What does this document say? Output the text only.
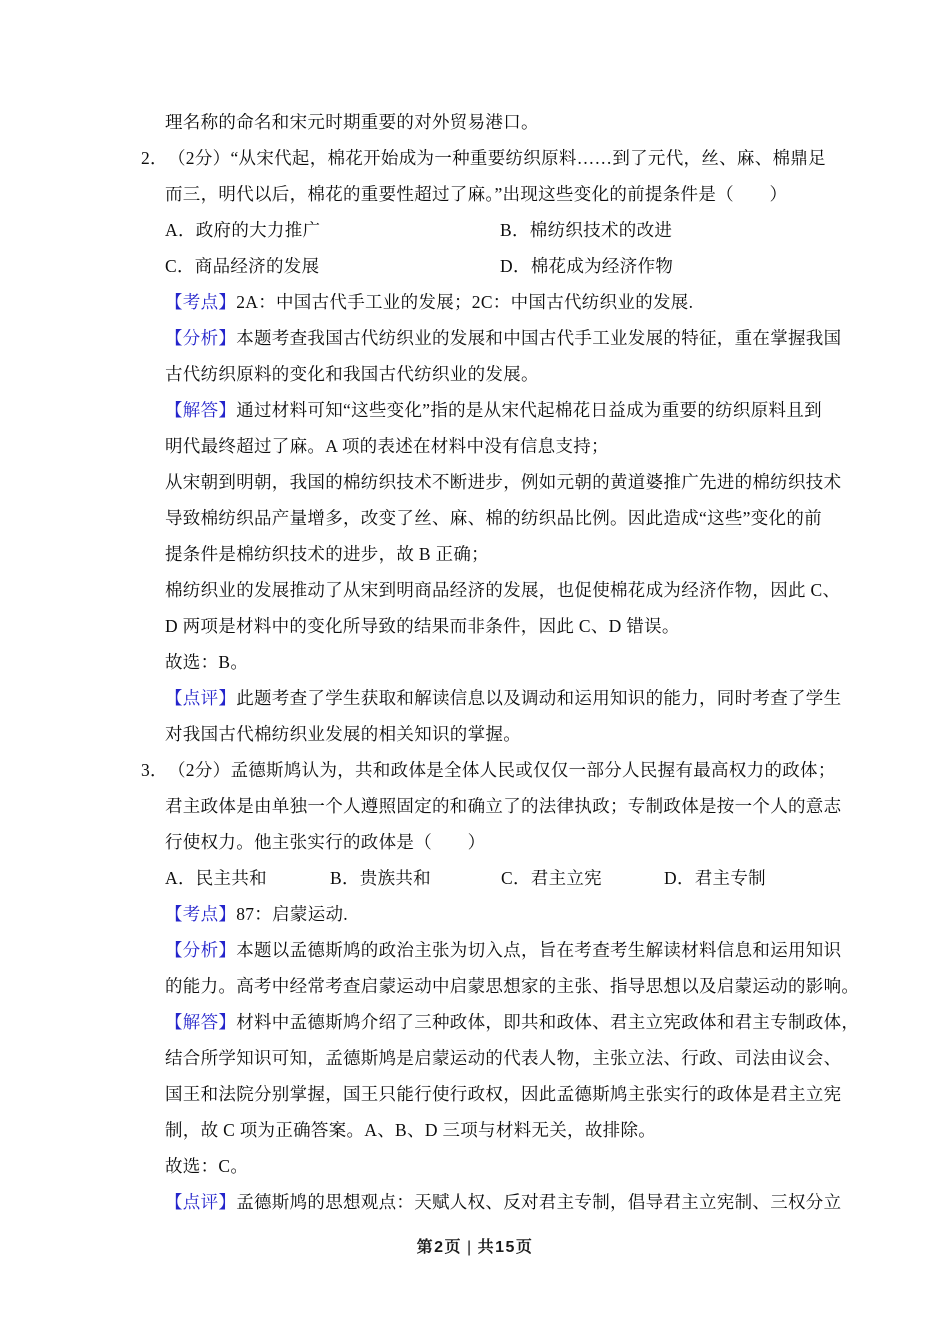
理名称的命名和宋元时期重要的对外贸易港口。
2．（2分）“从宋代起，棉花开始成为一种重要纺织原料……到了元代，丝、麻、棉鼎足
而三，明代以后，棉花的重要性超过了麻。”出现这些变化的前提条件是（　　）
A．政府的大力推广	B．棉纺织技术的改进
C．商品经济的发展	D．棉花成为经济作物
【考点】2A：中国古代手工业的发展；2C：中国古代纺织业的发展.
【分析】本题考查我国古代纺织业的发展和中国古代手工业发展的特征，重在掌握我国
古代纺织原料的变化和我国古代纺织业的发展。
【解答】通过材料可知“这些变化”指的是从宋代起棉花日益成为重要的纺织原料且到
明代最终超过了麻。A 项的表述在材料中没有信息支持；
从宋朝到明朝，我国的棉纺织技术不断进步，例如元朝的黄道婆推广先进的棉纺织技术
导致棉纺织品产量增多，改变了丝、麻、棉的纺织品比例。因此造成“这些”变化的前
提条件是棉纺织技术的进步，故 B 正确；
棉纺织业的发展推动了从宋到明商品经济的发展，也促使棉花成为经济作物，因此 C、
D 两项是材料中的变化所导致的结果而非条件，因此 C、D 错误。
故选：B。
【点评】此题考查了学生获取和解读信息以及调动和运用知识的能力，同时考查了学生
对我国古代棉纺织业发展的相关知识的掌握。
3．（2分）孟德斯鸠认为，共和政体是全体人民或仅仅一部分人民握有最高权力的政体；
君主政体是由单独一个人遵照固定的和确立了的法律执政；专制政体是按一个人的意志
行使权力。他主张实行的政体是（　　）
A．民主共和	B．贵族共和	C．君主立宪	D．君主专制
【考点】87：启蒙运动.
【分析】本题以孟德斯鸠的政治主张为切入点，旨在考查考生解读材料信息和运用知识
的能力。高考中经常考查启蒙运动中启蒙思想家的主张、指导思想以及启蒙运动的影响。
【解答】材料中孟德斯鸠介绍了三种政体，即共和政体、君主立宪政体和君主专制政体，
结合所学知识可知，孟德斯鸠是启蒙运动的代表人物，主张立法、行政、司法由议会、
国王和法院分别掌握，国王只能行使行政权，因此孟德斯鸠主张实行的政体是君主立宪
制，故 C 项为正确答案。A、B、D 三项与材料无关，故排除。
故选：C。
【点评】孟德斯鸠的思想观点：天赋人权、反对君主专制，倡导君主立宪制、三权分立
第2页 | 共15页
